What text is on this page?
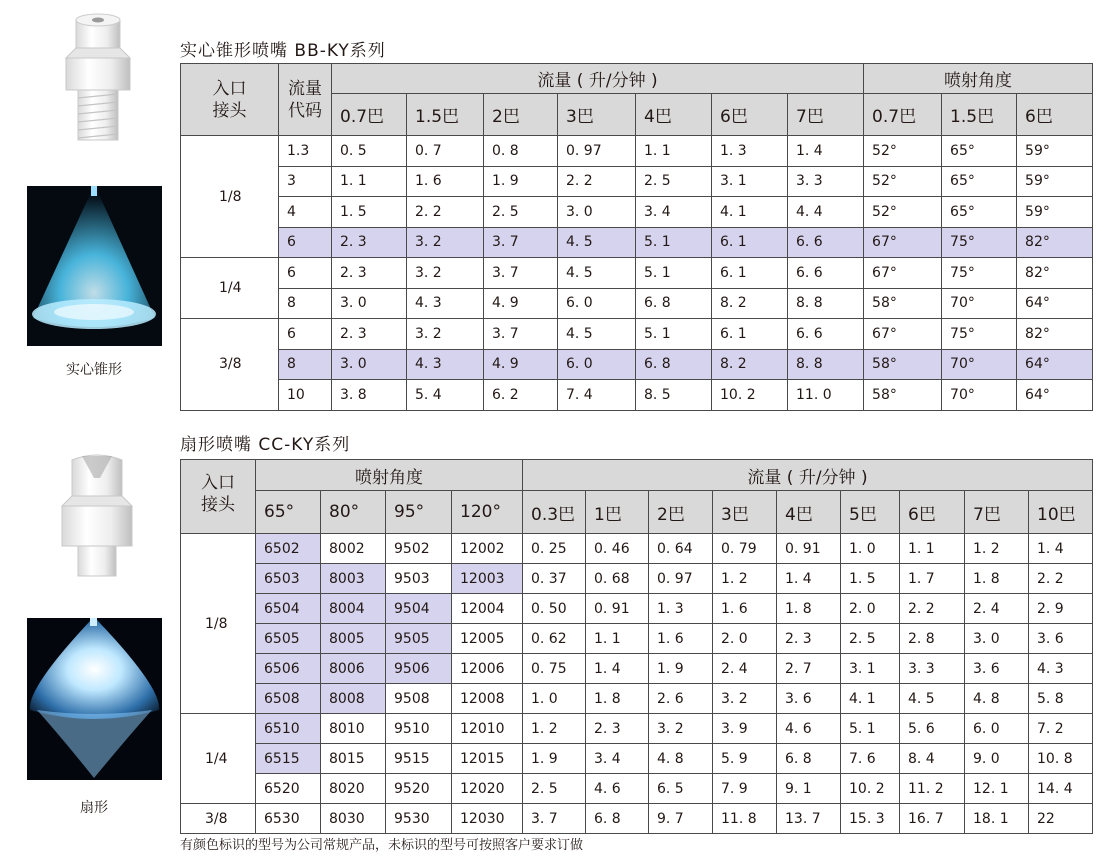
实心锥形
扇形
实心锥形喷嘴 BB-KY系列
扇形喷嘴 CC-KY系列
入口
接头	流量
代码	流量 ( 升/分钟 )							喷射角度		
		0.7巴	1.5巴	2巴	3巴	4巴	6巴	7巴	0.7巴	1.5巴	6巴
1/8	1.3	0. 5	0. 7	0. 8	0. 97	1. 1	1. 3	1. 4	52°	65°	59°
	3	1. 1	1. 6	1. 9	2. 2	2. 5	3. 1	3. 3	52°	65°	59°
	4	1. 5	2. 2	2. 5	3. 0	3. 4	4. 1	4. 4	52°	65°	59°
	6	2. 3	3. 2	3. 7	4. 5	5. 1	6. 1	6. 6	67°	75°	82°
1/4	6	2. 3	3. 2	3. 7	4. 5	5. 1	6. 1	6. 6	67°	75°	82°
	8	3. 0	4. 3	4. 9	6. 0	6. 8	8. 2	8. 8	58°	70°	64°
3/8	6	2. 3	3. 2	3. 7	4. 5	5. 1	6. 1	6. 6	67°	75°	82°
	8	3. 0	4. 3	4. 9	6. 0	6. 8	8. 2	8. 8	58°	70°	64°
	10	3. 8	5. 4	6. 2	7. 4	8. 5	10. 2	11. 0	58°	70°	64°
入口
接头	喷射角度				流量 ( 升/分钟 )								
	65°	80°	95°	120°	0.3巴	1巴	2巴	3巴	4巴	5巴	6巴	7巴	10巴
1/8	6502	8002	9502	12002	0. 25	0. 46	0. 64	0. 79	0. 91	1. 0	1. 1	1. 2	1. 4
	6503	8003	9503	12003	0. 37	0. 68	0. 97	1. 2	1. 4	1. 5	1. 7	1. 8	2. 2
	6504	8004	9504	12004	0. 50	0. 91	1. 3	1. 6	1. 8	2. 0	2. 2	2. 4	2. 9
	6505	8005	9505	12005	0. 62	1. 1	1. 6	2. 0	2. 3	2. 5	2. 8	3. 0	3. 6
	6506	8006	9506	12006	0. 75	1. 4	1. 9	2. 4	2. 7	3. 1	3. 3	3. 6	4. 3
	6508	8008	9508	12008	1. 0	1. 8	2. 6	3. 2	3. 6	4. 1	4. 5	4. 8	5. 8
1/4	6510	8010	9510	12010	1. 2	2. 3	3. 2	3. 9	4. 6	5. 1	5. 6	6. 0	7. 2
	6515	8015	9515	12015	1. 9	3. 4	4. 8	5. 9	6. 8	7. 6	8. 4	9. 0	10. 8
	6520	8020	9520	12020	2. 5	4. 6	6. 5	7. 9	9. 1	10. 2	11. 2	12. 1	14. 4
3/8	6530	8030	9530	12030	3. 7	6. 8	9. 7	11. 8	13. 7	15. 3	16. 7	18. 1	22
有颜色标识的型号为公司常规产品，未标识的型号可按照客户要求订做
